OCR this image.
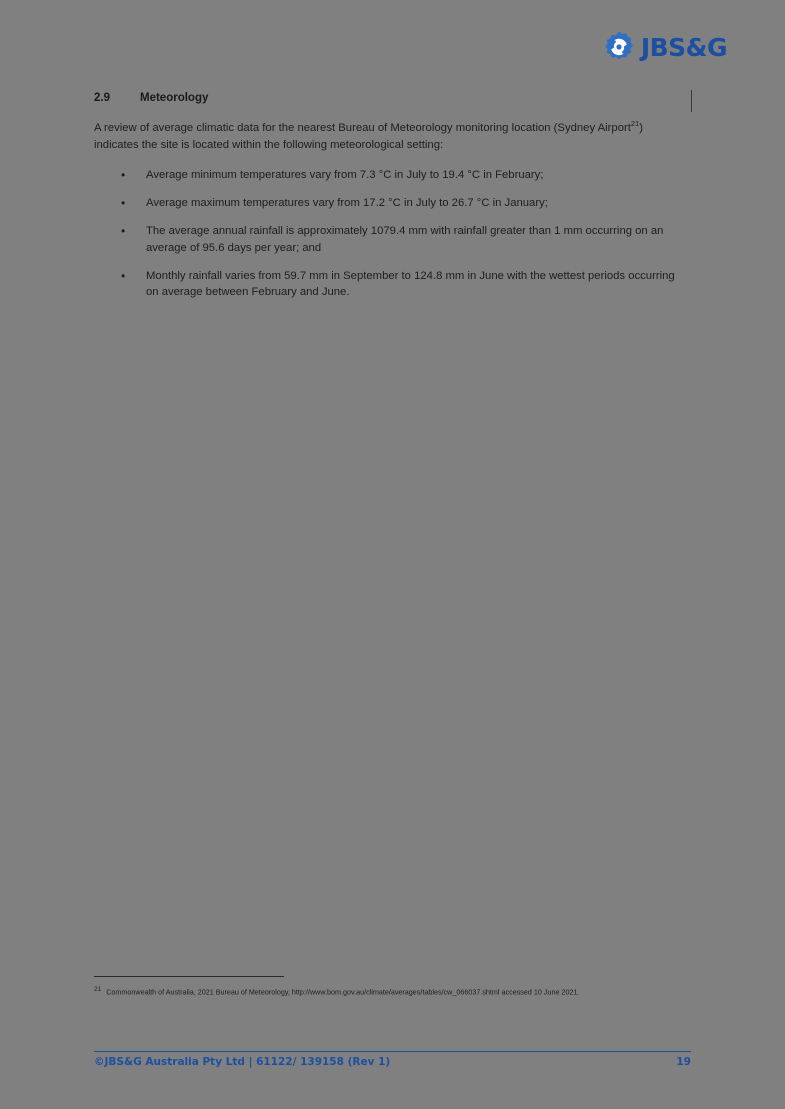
JBS&G
2.9	Meteorology

A review of average climatic data for the nearest Bureau of Meteorology monitoring location (Sydney Airport$^{21}$) indicates the site is located within the following meteorological setting:

• Average minimum temperatures vary from 7.3 °C in July to 19.4 °C in February;
• Average maximum temperatures vary from 17.2 °C in July to 26.7 °C in January;
• The average annual rainfall is approximately 1079.4 mm with rainfall greater than 1 mm occurring on an average of 95.6 days per year; and
• Monthly rainfall varies from 59.7 mm in September to 124.8 mm in June with the wettest periods occurring on average between February and June.
21 Commonwealth of Australia, 2021 Bureau of Meteorology, http://www.bom.gov.au/climate/averages/tables/cw_066037.shtml accessed 10 June 2021.
©JBS&G Australia Pty Ltd | 61122/ 139158 (Rev 1)	19
